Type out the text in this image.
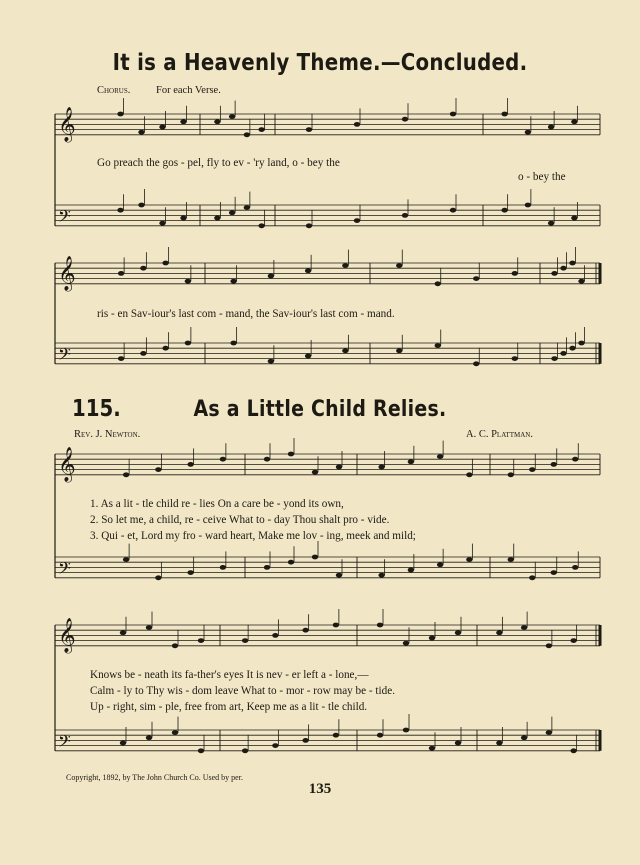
𝄞
𝄢
𝄞
𝄢
𝄞
𝄢
𝄞
𝄢
It is a Heavenly Theme.—Concluded.
Chorus. For each Verse.
Go preach the gos - pel, fly to ev - 'ry land, o - bey the
o - bey the
ris - en Sav-iour's last com - mand, the Sav-iour's last com - mand.
115.	As a Little Child Relies.
Rev. J. Newton.	A. C. Plattman.
1. As a lit - tle child re - lies On a care be - yond its own,
2. So let me, a child, re - ceive What to - day Thou shalt pro - vide.
3. Qui - et, Lord my fro - ward heart, Make me lov - ing, meek and mild;
Knows be - neath its fa-ther's eyes It is nev - er left a - lone,—
Calm - ly to Thy wis - dom leave What to - mor - row may be - tide.
Up - right, sim - ple, free from art, Keep me as a lit - tle child.
Copyright, 1892, by The John Church Co. Used by per.
135
